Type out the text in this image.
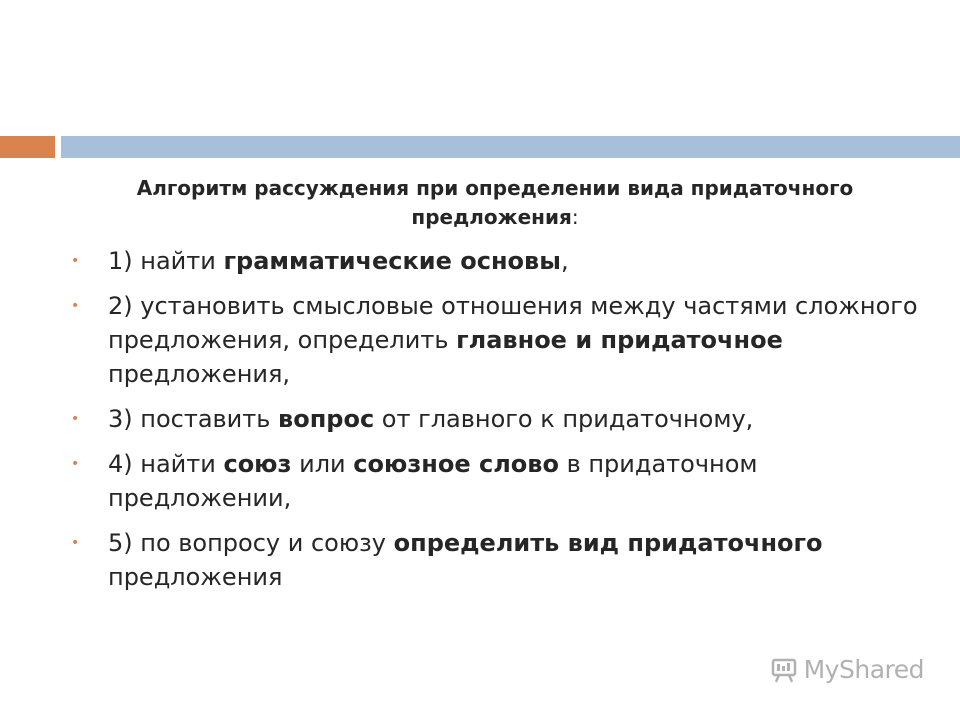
Алгоритм рассуждения при определении вида придаточного предложения:
• 1) найти грамматические основы,
• 2) установить смысловые отношения между частями сложного предложения, определить главное и придаточное предложения,
• 3) поставить вопрос от главного к придаточному,
• 4) найти союз или союзное слово в придаточном предложении,
• 5) по вопросу и союзу определить вид придаточного предложения
MyShared
